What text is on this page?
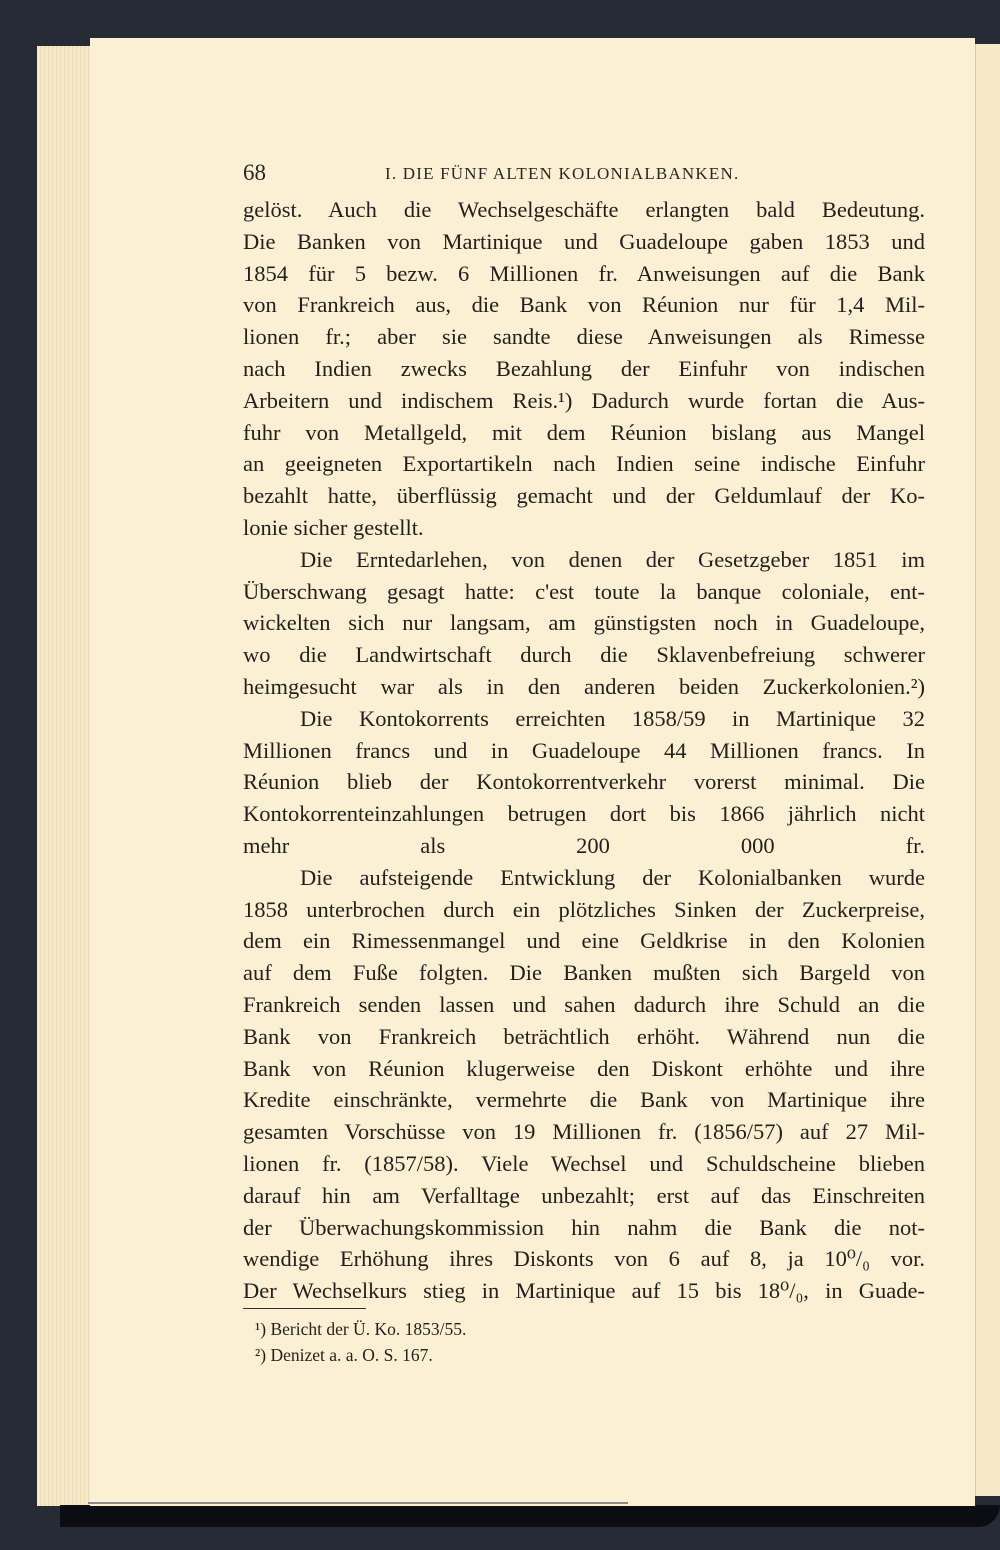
68	I. DIE FÜNF ALTEN KOLONIALBANKEN.
gelöst. Auch die Wechselgeschäfte erlangten bald Bedeutung.
Die Banken von Martinique und Guadeloupe gaben 1853 und
1854 für 5 bezw. 6 Millionen fr. Anweisungen auf die Bank
von Frankreich aus, die Bank von Réunion nur für 1,4 Mil-
lionen fr.; aber sie sandte diese Anweisungen als Rimesse
nach Indien zwecks Bezahlung der Einfuhr von indischen
Arbeitern und indischem Reis.¹) Dadurch wurde fortan die Aus-
fuhr von Metallgeld, mit dem Réunion bislang aus Mangel
an geeigneten Exportartikeln nach Indien seine indische Einfuhr
bezahlt hatte, überflüssig gemacht und der Geldumlauf der Ko-
lonie sicher gestellt.
Die Erntedarlehen, von denen der Gesetzgeber 1851 im
Überschwang gesagt hatte: c'est toute la banque coloniale, ent-
wickelten sich nur langsam, am günstigsten noch in Guadeloupe,
wo die Landwirtschaft durch die Sklavenbefreiung schwerer
heimgesucht war als in den anderen beiden Zuckerkolonien.²)
Die Kontokorrents erreichten 1858/59 in Martinique 32
Millionen francs und in Guadeloupe 44 Millionen francs. In
Réunion blieb der Kontokorrentverkehr vorerst minimal. Die
Kontokorrenteinzahlungen betrugen dort bis 1866 jährlich nicht
mehr als 200 000 fr.
Die aufsteigende Entwicklung der Kolonialbanken wurde
1858 unterbrochen durch ein plötzliches Sinken der Zuckerpreise,
dem ein Rimessenmangel und eine Geldkrise in den Kolonien
auf dem Fuße folgten. Die Banken mußten sich Bargeld von
Frankreich senden lassen und sahen dadurch ihre Schuld an die
Bank von Frankreich beträchtlich erhöht. Während nun die
Bank von Réunion klugerweise den Diskont erhöhte und ihre
Kredite einschränkte, vermehrte die Bank von Martinique ihre
gesamten Vorschüsse von 19 Millionen fr. (1856/57) auf 27 Mil-
lionen fr. (1857/58). Viele Wechsel und Schuldscheine blieben
darauf hin am Verfalltage unbezahlt; erst auf das Einschreiten
der Überwachungskommission hin nahm die Bank die not-
wendige Erhöhung ihres Diskonts von 6 auf 8, ja 10⁰/₀ vor.
Der Wechselkurs stieg in Martinique auf 15 bis 18⁰/₀, in Guade-
¹) Bericht der Ü. Ko. 1853/55.
²) Denizet a. a. O. S. 167.
